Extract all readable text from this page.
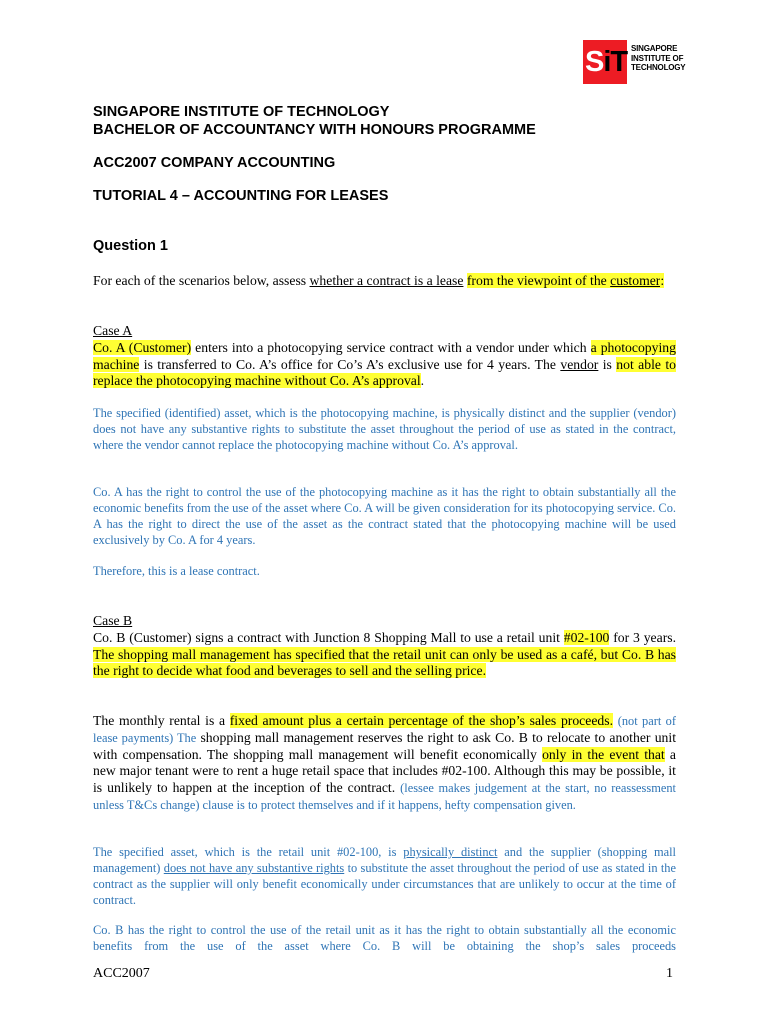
SiT SINGAPORE
INSTITUTE OF
TECHNOLOGY
SINGAPORE INSTITUTE OF TECHNOLOGY
BACHELOR OF ACCOUNTANCY WITH HONOURS PROGRAMME
ACC2007 COMPANY ACCOUNTING
TUTORIAL 4 – ACCOUNTING FOR LEASES
Question 1
For each of the scenarios below, assess whether a contract is a lease from the viewpoint of the customer:
Case A
Co. A (Customer) enters into a photocopying service contract with a vendor under which a photocopying machine is transferred to Co. A’s office for Co’s A’s exclusive use for 4 years. The vendor is not able to replace the photocopying machine without Co. A’s approval.
The specified (identified) asset, which is the photocopying machine, is physically distinct and the supplier (vendor) does not have any substantive rights to substitute the asset throughout the period of use as stated in the contract, where the vendor cannot replace the photocopying machine without Co. A’s approval.
Co. A has the right to control the use of the photocopying machine as it has the right to obtain substantially all the economic benefits from the use of the asset where Co. A will be given consideration for its photocopying service. Co. A has the right to direct the use of the asset as the contract stated that the photocopying machine will be used exclusively by Co. A for 4 years.
Therefore, this is a lease contract.
Case B
Co. B (Customer) signs a contract with Junction 8 Shopping Mall to use a retail unit #02-100 for 3 years. The shopping mall management has specified that the retail unit can only be used as a café, but Co. B has the right to decide what food and beverages to sell and the selling price.
The monthly rental is a fixed amount plus a certain percentage of the shop’s sales proceeds. (not part of lease payments) The shopping mall management reserves the right to ask Co. B to relocate to another unit with compensation. The shopping mall management will benefit economically only in the event that a new major tenant were to rent a huge retail space that includes #02-100. Although this may be possible, it is unlikely to happen at the inception of the contract. (lessee makes judgement at the start, no reassessment unless T&Cs change) clause is to protect themselves and if it happens, hefty compensation given.
The specified asset, which is the retail unit #02-100, is physically distinct and the supplier (shopping mall management) does not have any substantive rights to substitute the asset throughout the period of use as stated in the contract as the supplier will only benefit economically under circumstances that are unlikely to occur at the time of contract.
Co. B has the right to control the use of the retail unit as it has the right to obtain substantially all the economic benefits from the use of the asset where Co. B will be obtaining the shop’s sales proceeds
ACC2007	1
